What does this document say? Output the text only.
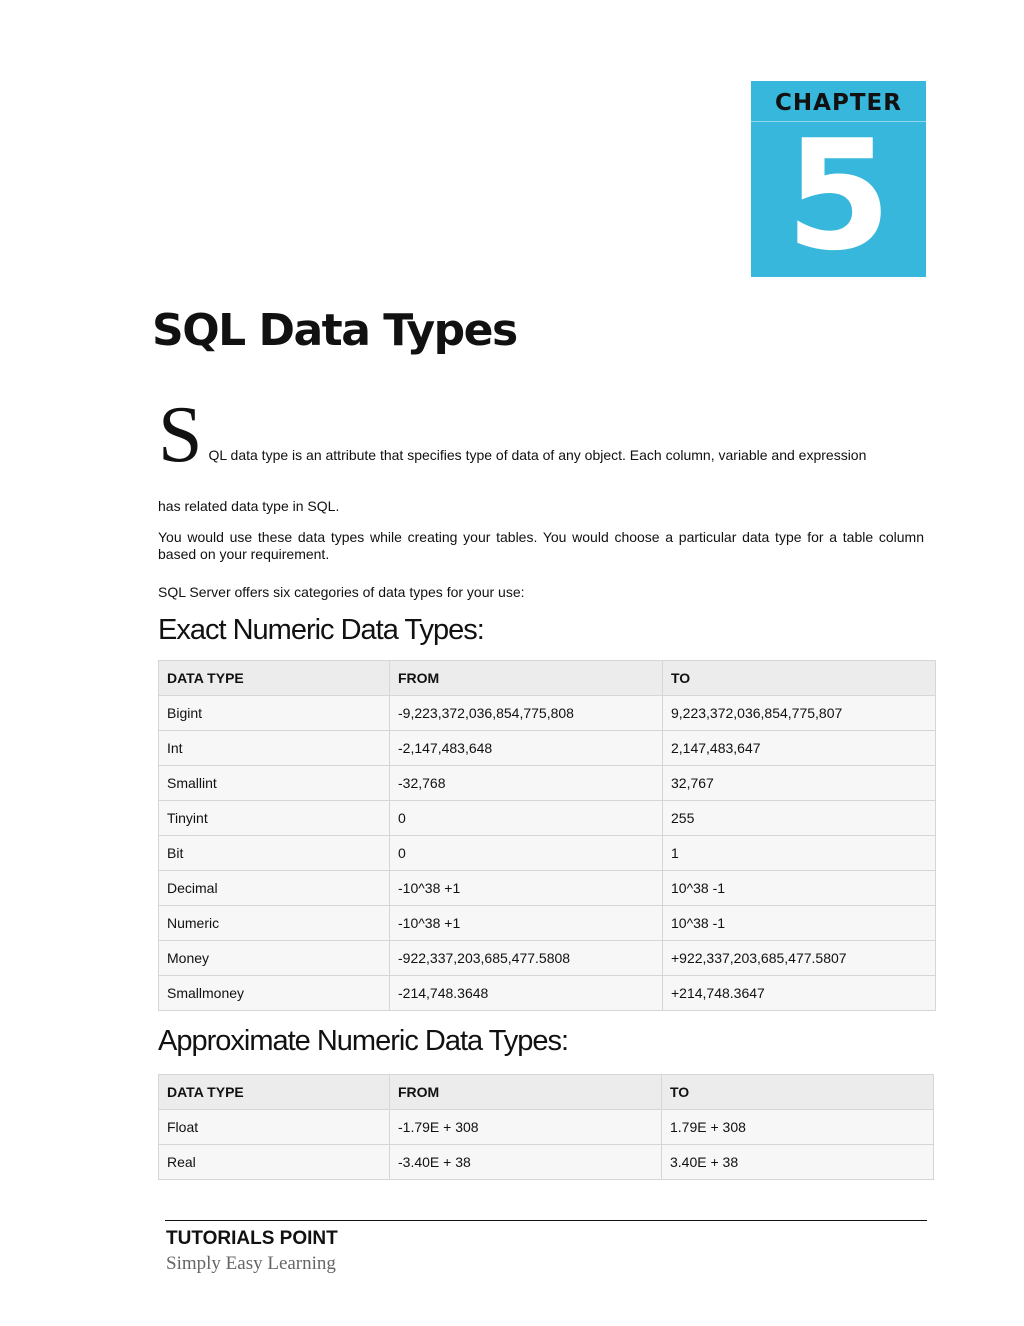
CHAPTER
5
SQL Data Types
S QL data type is an attribute that specifies type of data of any object. Each column, variable and expression
has related data type in SQL.

You would use these data types while creating your tables. You would choose a particular data type for a table column based on your requirement.

SQL Server offers six categories of data types for your use:

Exact Numeric Data Types:
DATA TYPE	FROM	TO
Bigint	-9,223,372,036,854,775,808	9,223,372,036,854,775,807
Int	-2,147,483,648	2,147,483,647
Smallint	-32,768	32,767
Tinyint	0	255
Bit	0	1
Decimal	-10^38 +1	10^38 -1
Numeric	-10^38 +1	10^38 -1
Money	-922,337,203,685,477.5808	+922,337,203,685,477.5807
Smallmoney	-214,748.3648	+214,748.3647
Approximate Numeric Data Types:
DATA TYPE	FROM	TO
Float	-1.79E + 308	1.79E + 308
Real	-3.40E + 38	3.40E + 38
TUTORIALS POINT
Simply Easy Learning
